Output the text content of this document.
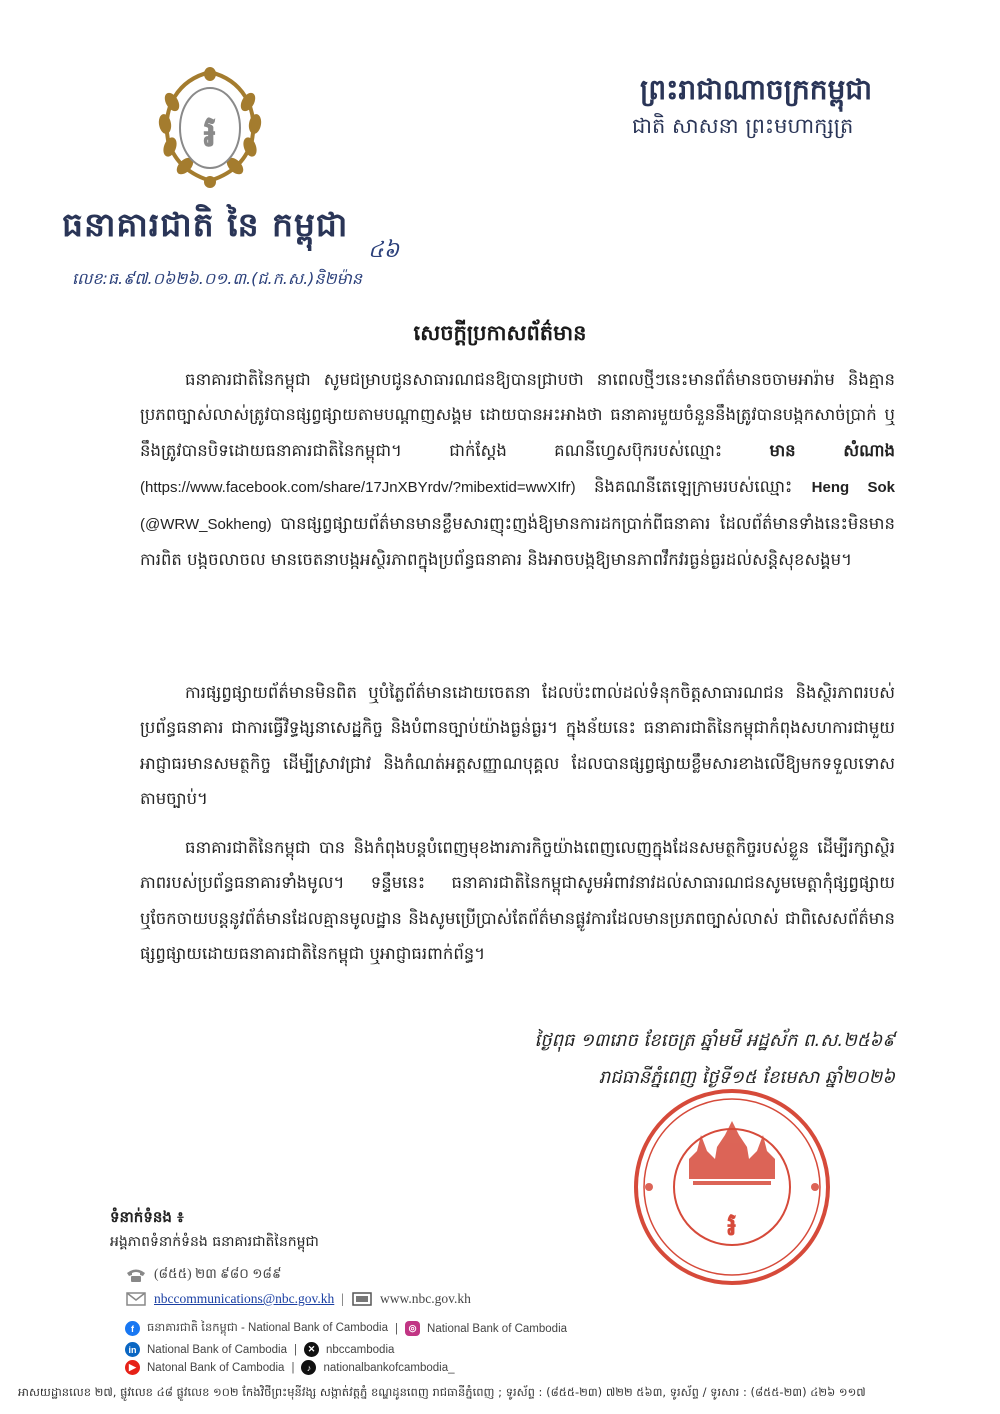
៛
ធនាគារជាតិ នៃ កម្ពុជា
៤៦
លេខ:ធ.៩៧.០៦២៦.០១.៣.(ជ.ក.ស.)និ២ម៉ាន
ព្រះរាជាណាចក្រកម្ពុជា
ជាតិ សាសនា ព្រះមហាក្សត្រ
សេចក្តីប្រកាសព័ត៌មាន
ធនាគារជាតិនៃកម្ពុជា សូមជម្រាបជូនសាធារណជនឱ្យបានជ្រាបថា នាពេលថ្មីៗនេះមានព័ត៌មានចចាមអារ៉ាម និងគ្មានប្រភពច្បាស់លាស់ត្រូវបានផ្សព្វផ្សាយតាមបណ្តាញសង្គម ដោយបានអះអាងថា ធនាគារមួយចំនួននឹងត្រូវបានបង្កកសាច់ប្រាក់ ឬនឹងត្រូវបានបិទដោយធនាគារជាតិនៃកម្ពុជា។ ជាក់ស្តែង គណនីហ្វេសប៊ុករបស់ឈ្មោះ មាន សំណាង (https://www.facebook.com/share/17JnXBYrdv/?mibextid=wwXIfr) និងគណនីតេឡេក្រាមរបស់ឈ្មោះ Heng Sok (@WRW_Sokheng) បានផ្សព្វផ្សាយព័ត៌មានមានខ្លឹមសារញុះញង់ឱ្យមានការដកប្រាក់ពីធនាគារ ដែលព័ត៌មានទាំងនេះមិនមានការពិត បង្កចលាចល មានចេតនាបង្កអស្ថិរភាពក្នុងប្រព័ន្ធធនាគារ និងអាចបង្កឱ្យមានភាពវឹកវរធ្ងន់ធ្ងរដល់សន្តិសុខសង្គម។
ការផ្សព្វផ្សាយព័ត៌មានមិនពិត ឬបំភ្លៃព័ត៌មានដោយចេតនា ដែលប៉ះពាល់ដល់ទំនុកចិត្តសាធារណជន និងស្ថិរភាពរបស់ប្រព័ន្ធធនាគារ ជាការធ្វើវិទ្ធង្សនាសេដ្ឋកិច្ច និងបំពានច្បាប់យ៉ាងធ្ងន់ធ្ងរ។ ក្នុងន័យនេះ ធនាគារជាតិនៃកម្ពុជាកំពុងសហការជាមួយអាជ្ញាធរមានសមត្ថកិច្ច ដើម្បីស្រាវជ្រាវ និងកំណត់អត្តសញ្ញាណបុគ្គល ដែលបានផ្សព្វផ្សាយខ្លឹមសារខាងលើឱ្យមកទទួលទោសតាមច្បាប់។
ធនាគារជាតិនៃកម្ពុជា បាន និងកំពុងបន្តបំពេញមុខងារភារកិច្ចយ៉ាងពេញលេញក្នុងដែនសមត្ថកិច្ចរបស់ខ្លួន ដើម្បីរក្សាស្ថិរភាពរបស់ប្រព័ន្ធធនាគារទាំងមូល។ ទន្ទឹមនេះ ធនាគារជាតិនៃកម្ពុជាសូមអំពាវនាវដល់សាធារណជនសូមមេត្តាកុំផ្សព្វផ្សាយ ឬចែកចាយបន្តនូវព័ត៌មានដែលគ្មានមូលដ្ឋាន និងសូមប្រើប្រាស់តែព័ត៌មានផ្លូវការដែលមានប្រភពច្បាស់លាស់ ជាពិសេសព័ត៌មានផ្សព្វផ្សាយដោយធនាគារជាតិនៃកម្ពុជា ឬអាជ្ញាធរពាក់ព័ន្ធ។
ថ្ងៃពុធ ១៣រោច ខែចេត្រ ឆ្នាំមមី អដ្ឋស័ក ព.ស.២៥៦៩
រាជធានីភ្នំពេញ ថ្ងៃទី១៥ ខែមេសា ឆ្នាំ២០២៦
៛
ទំនាក់ទំនង ៖
អង្គភាពទំនាក់ទំនង ធនាគារជាតិនៃកម្ពុជា
(៨៥៥) ២៣ ៩៨០ ១៨៩
nbccommunications@nbc.gov.kh |	www.nbc.gov.kh
f	ធនាគារជាតិ នៃកម្ពុជា - National Bank of Cambodia |	◎ National Bank of Cambodia
in National Bank of Cambodia |	✕ nbccambodia
▶ Natonal Bank of Cambodia |	♪	nationalbankofcambodia_
អាសយដ្ឋានលេខ ២៧, ផ្លូវលេខ ៤៨ ផ្លូវលេខ ១០២ កែងវិថីព្រះមុនីវង្ស សង្កាត់វត្តភ្នំ ខណ្ឌដូនពេញ រាជធានីភ្នំពេញ ; ទូរស័ព្ទ : (៨៥៥-២៣) ៧២២ ៥៦៣, ទូរស័ព្ទ / ទូរសារ : (៨៥៥-២៣) ៤២៦ ១១៧
